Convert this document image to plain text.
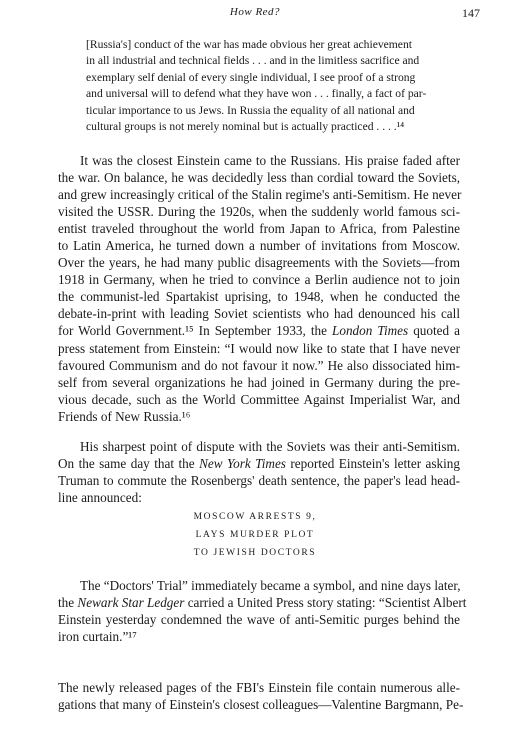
How Red?	147
[Russia's] conduct of the war has made obvious her great achievement
in all industrial and technical fields . . . and in the limitless sacrifice and
exemplary self denial of every single individual, I see proof of a strong
and universal will to defend what they have won . . . finally, a fact of par-
ticular importance to us Jews. In Russia the equality of all national and
cultural groups is not merely nominal but is actually practiced . . . .¹⁴
It was the closest Einstein came to the Russians. His praise faded after
the war. On balance, he was decidedly less than cordial toward the Soviets,
and grew increasingly critical of the Stalin regime's anti-Semitism. He never
visited the USSR. During the 1920s, when the suddenly world famous sci-
entist traveled throughout the world from Japan to Africa, from Palestine
to Latin America, he turned down a number of invitations from Moscow.
Over the years, he had many public disagreements with the Soviets—from
1918 in Germany, when he tried to convince a Berlin audience not to join
the communist-led Spartakist uprising, to 1948, when he conducted the
debate-in-print with leading Soviet scientists who had denounced his call
for World Government.¹⁵ In September 1933, the London Times quoted a
press statement from Einstein: “I would now like to state that I have never
favoured Communism and do not favour it now.” He also dissociated him-
self from several organizations he had joined in Germany during the pre-
vious decade, such as the World Committee Against Imperialist War, and
Friends of New Russia.¹⁶
His sharpest point of dispute with the Soviets was their anti-Semitism.
On the same day that the New York Times reported Einstein's letter asking
Truman to commute the Rosenbergs' death sentence, the paper's lead head-
line announced:
MOSCOW ARRESTS 9,
LAYS MURDER PLOT
TO JEWISH DOCTORS
The “Doctors' Trial” immediately became a symbol, and nine days later,
the Newark Star Ledger carried a United Press story stating: “Scientist Albert
Einstein yesterday condemned the wave of anti-Semitic purges behind the
iron curtain.”¹⁷
The newly released pages of the FBI's Einstein file contain numerous alle-
gations that many of Einstein's closest colleagues—Valentine Bargmann, Pe-
